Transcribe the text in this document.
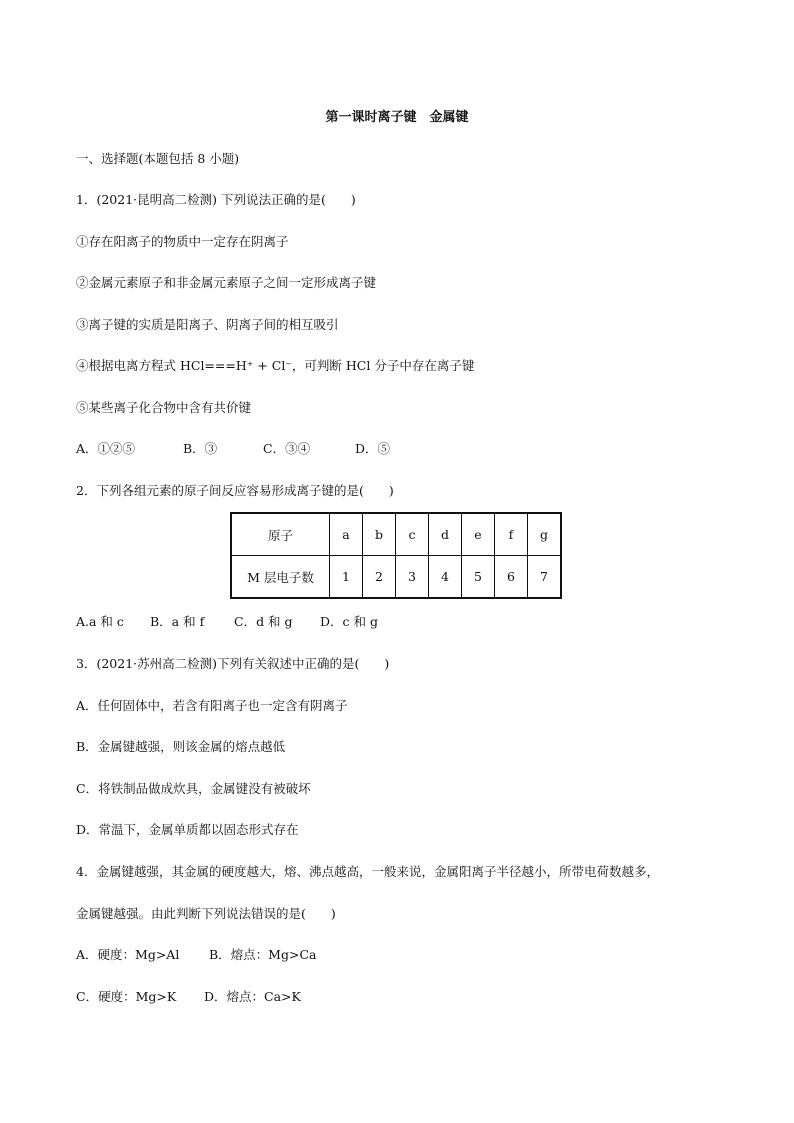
第一课时离子键　金属键
一、选择题(本题包括 8 小题)
1．(2021·昆明高二检测) 下列说法正确的是(　　)
①存在阳离子的物质中一定存在阴离子
②金属元素原子和非金属元素原子之间一定形成离子键
③离子键的实质是阳离子、阴离子间的相互吸引
④根据电离方程式 HCl===H⁺ + Cl⁻，可判断 HCl 分子中存在离子键
⑤某些离子化合物中含有共价键
A．①②⑤	B．③	C．③④	D．⑤
2．下列各组元素的原子间反应容易形成离子键的是(　　)
原子	a	b	c	d	e	f	g
M 层电子数	1	2	3	4	5	6	7
A.a 和 c B．a 和 f C．d 和 g D．c 和 g
3．(2021·苏州高二检测)下列有关叙述中正确的是(　　)
A．任何固体中，若含有阳离子也一定含有阴离子
B．金属键越强，则该金属的熔点越低
C．将铁制品做成炊具，金属键没有被破坏
D．常温下，金属单质都以固态形式存在
4．金属键越强，其金属的硬度越大，熔、沸点越高，一般来说，金属阳离子半径越小，所带电荷数越多，
金属键越强。由此判断下列说法错误的是(　　)
A．硬度：Mg>Al B．熔点：Mg>Ca
C．硬度：Mg>K D．熔点：Ca>K
